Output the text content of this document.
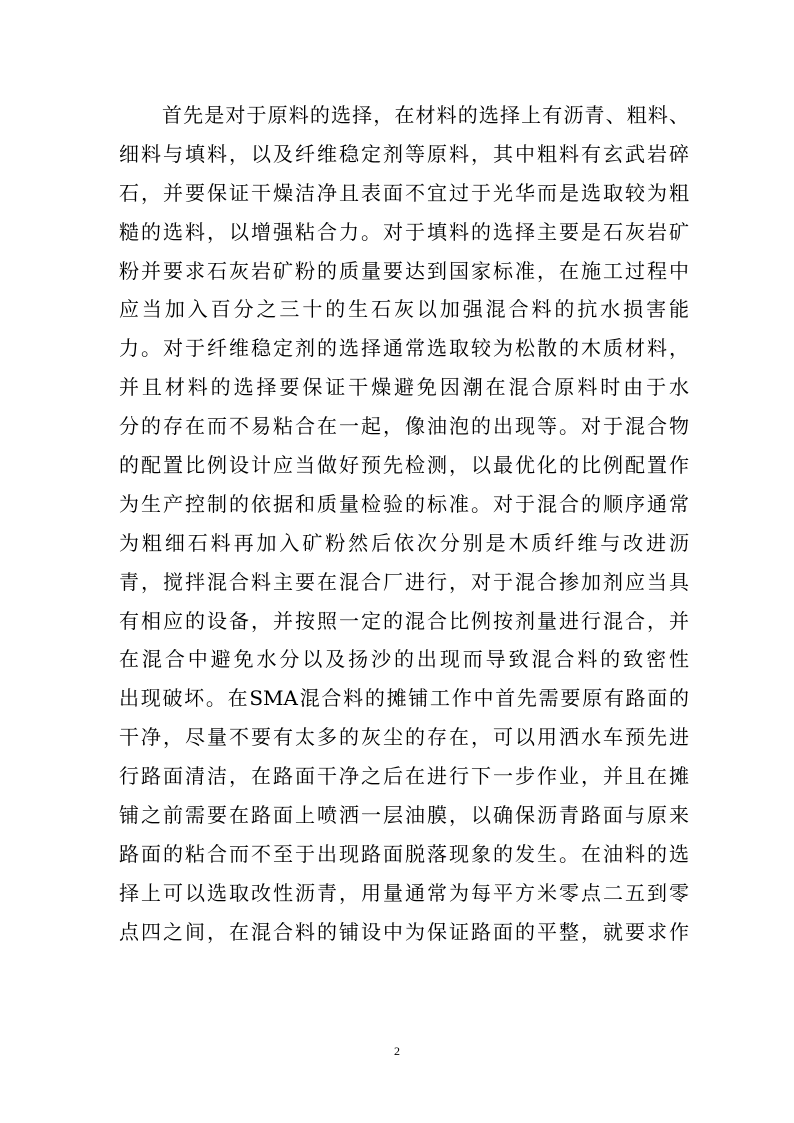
首先是对于原料的选择，在材料的选择上有沥青、粗料、
细料与填料，以及纤维稳定剂等原料，其中粗料有玄武岩碎
石，并要保证干燥洁净且表面不宜过于光华而是选取较为粗
糙的选料，以增强粘合力。对于填料的选择主要是石灰岩矿
粉并要求石灰岩矿粉的质量要达到国家标准，在施工过程中
应当加入百分之三十的生石灰以加强混合料的抗水损害能
力。对于纤维稳定剂的选择通常选取较为松散的木质材料，
并且材料的选择要保证干燥避免因潮在混合原料时由于水
分的存在而不易粘合在一起，像油泡的出现等。对于混合物
的配置比例设计应当做好预先检测，以最优化的比例配置作
为生产控制的依据和质量检验的标准。对于混合的顺序通常
为粗细石料再加入矿粉然后依次分别是木质纤维与改进沥
青，搅拌混合料主要在混合厂进行，对于混合掺加剂应当具
有相应的设备，并按照一定的混合比例按剂量进行混合，并
在混合中避免水分以及扬沙的出现而导致混合料的致密性
出现破坏。在SMA混合料的摊铺工作中首先需要原有路面的
干净，尽量不要有太多的灰尘的存在，可以用洒水车预先进
行路面清洁，在路面干净之后在进行下一步作业，并且在摊
铺之前需要在路面上喷洒一层油膜，以确保沥青路面与原来
路面的粘合而不至于出现路面脱落现象的发生。在油料的选
择上可以选取改性沥青，用量通常为每平方米零点二五到零
点四之间，在混合料的铺设中为保证路面的平整，就要求作
2
